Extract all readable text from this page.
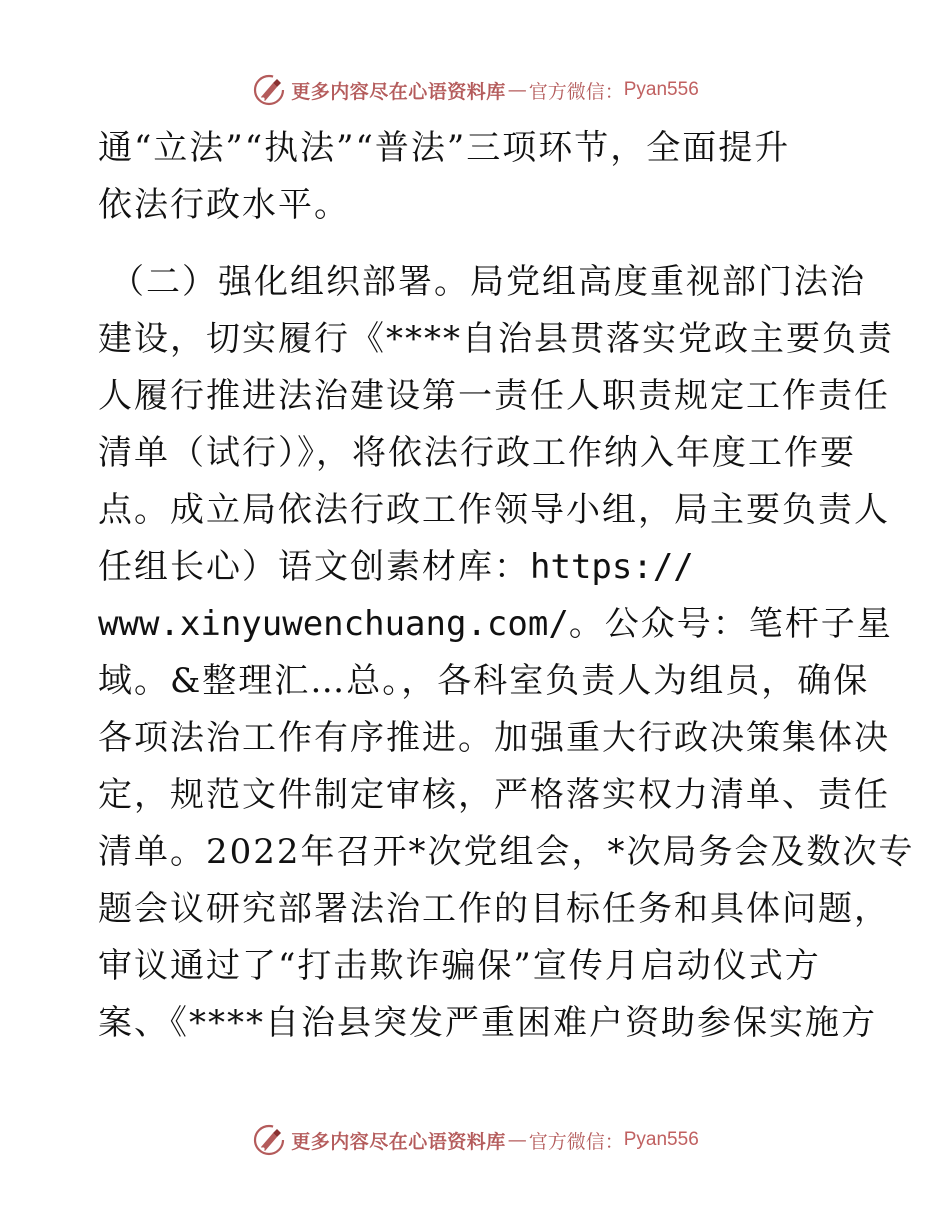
更多内容尽在心语资料库 — 官方微信： Pyan556
通“立法”“执法”“普法”三项环节，全面提升
依法行政水平。
（二）强化组织部署。局党组高度重视部门法治
建设，切实履行《****自治县贯落实党政主要负责
人履行推进法治建设第一责任人职责规定工作责任
清单（试行）》，将依法行政工作纳入年度工作要
点。成立局依法行政工作领导小组，局主要负责人
任组长心）语文创素材库：https://
www.xinyuwenchuang.com/。公众号：笔杆子星
域。&整理汇…总。，各科室负责人为组员，确保
各项法治工作有序推进。加强重大行政决策集体决
定，规范文件制定审核，严格落实权力清单、责任
清单。2022年召开*次党组会，*次局务会及数次专
题会议研究部署法治工作的目标任务和具体问题，
审议通过了“打击欺诈骗保”宣传月启动仪式方
案、《****自治县突发严重困难户资助参保实施方
更多内容尽在心语资料库 — 官方微信： Pyan556
